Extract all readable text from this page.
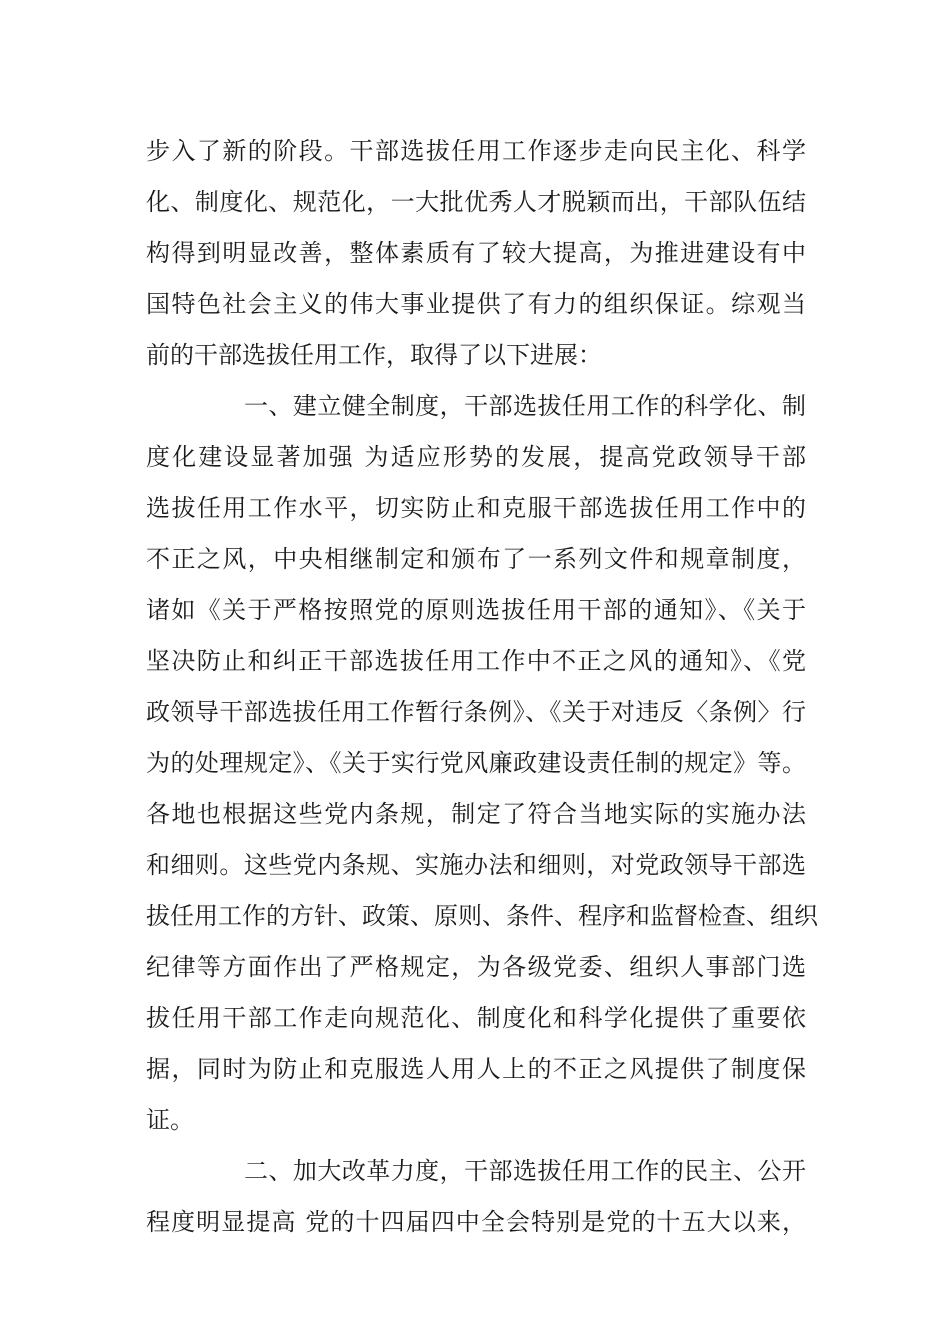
步入了新的阶段。干部选拔任用工作逐步走向民主化、科学
化、制度化、规范化，一大批优秀人才脱颖而出，干部队伍结
构得到明显改善，整体素质有了较大提高，为推进建设有中
国特色社会主义的伟大事业提供了有力的组织保证。综观当
前的干部选拔任用工作，取得了以下进展：
一、建立健全制度，干部选拔任用工作的科学化、制
度化建设显著加强 为适应形势的发展，提高党政领导干部
选拔任用工作水平，切实防止和克服干部选拔任用工作中的
不正之风，中央相继制定和颁布了一系列文件和规章制度，
诸如《关于严格按照党的原则选拔任用干部的通知》、《关于
坚决防止和纠正干部选拔任用工作中不正之风的通知》、《党
政领导干部选拔任用工作暂行条例》、《关于对违反〈条例〉行
为的处理规定》、《关于实行党风廉政建设责任制的规定》等。
各地也根据这些党内条规，制定了符合当地实际的实施办法
和细则。这些党内条规、实施办法和细则，对党政领导干部选
拔任用工作的方针、政策、原则、条件、程序和监督检查、组织
纪律等方面作出了严格规定，为各级党委、组织人事部门选
拔任用干部工作走向规范化、制度化和科学化提供了重要依
据，同时为防止和克服选人用人上的不正之风提供了制度保
证。
二、加大改革力度，干部选拔任用工作的民主、公开
程度明显提高 党的十四届四中全会特别是党的十五大以来，
